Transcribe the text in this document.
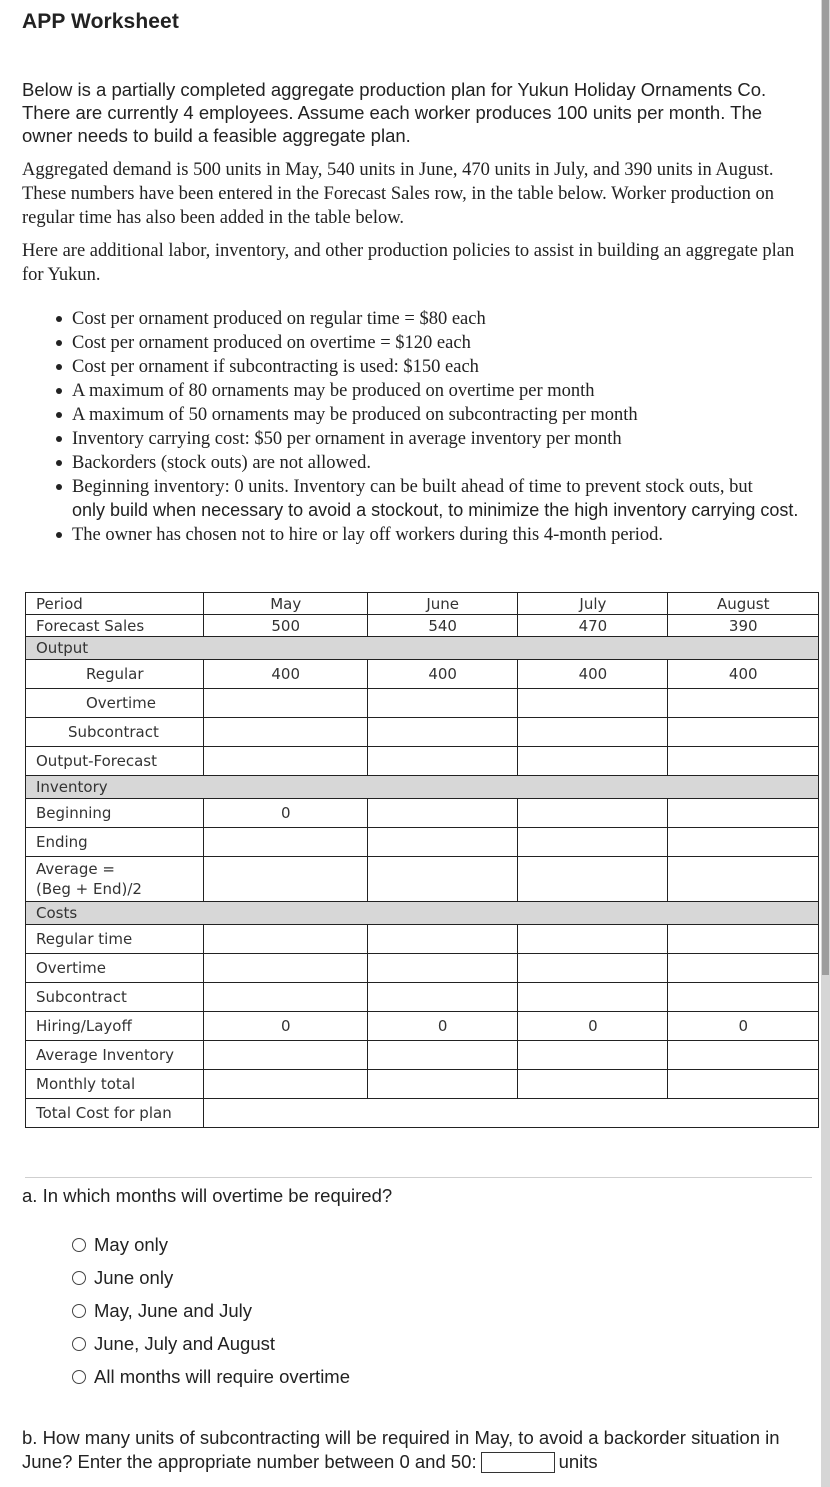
APP Worksheet

Below is a partially completed aggregate production plan for Yukun Holiday Ornaments Co. There are currently 4 employees. Assume each worker produces 100 units per month. The owner needs to build a feasible aggregate plan.

Aggregated demand is 500 units in May, 540 units in June, 470 units in July, and 390 units in August. These numbers have been entered in the Forecast Sales row, in the table below. Worker production on regular time has also been added in the table below.

Here are additional labor, inventory, and other production policies to assist in building an aggregate plan for Yukun.

Cost per ornament produced on regular time = $80 each
Cost per ornament produced on overtime = $120 each
Cost per ornament if subcontracting is used: $150 each
A maximum of 80 ornaments may be produced on overtime per month
A maximum of 50 ornaments may be produced on subcontracting per month
Inventory carrying cost: $50 per ornament in average inventory per month
Backorders (stock outs) are not allowed.
Beginning inventory: 0 units. Inventory can be built ahead of time to prevent stock outs, but
only build when necessary to avoid a stockout, to minimize the high inventory carrying cost.
The owner has chosen not to hire or lay off workers during this 4-month period.
Period	May	June	July	August
Forecast Sales	500	540	470	390
Output				
Regular	400	400	400	400
Overtime				
Subcontract				
Output-Forecast				
Inventory				
Beginning	0			
Ending				
Average =
(Beg + End)/2				
Costs				
Regular time				
Overtime				
Subcontract				
Hiring/Layoff	0	0	0	0
Average Inventory				
Monthly total				
Total Cost for plan				
a. In which months will overtime be required?
May only
June only
May, June and July
June, July and August
All months will require overtime

b. How many units of subcontracting will be required in May, to avoid a backorder situation in June? Enter the appropriate number between 0 and 50:	units
